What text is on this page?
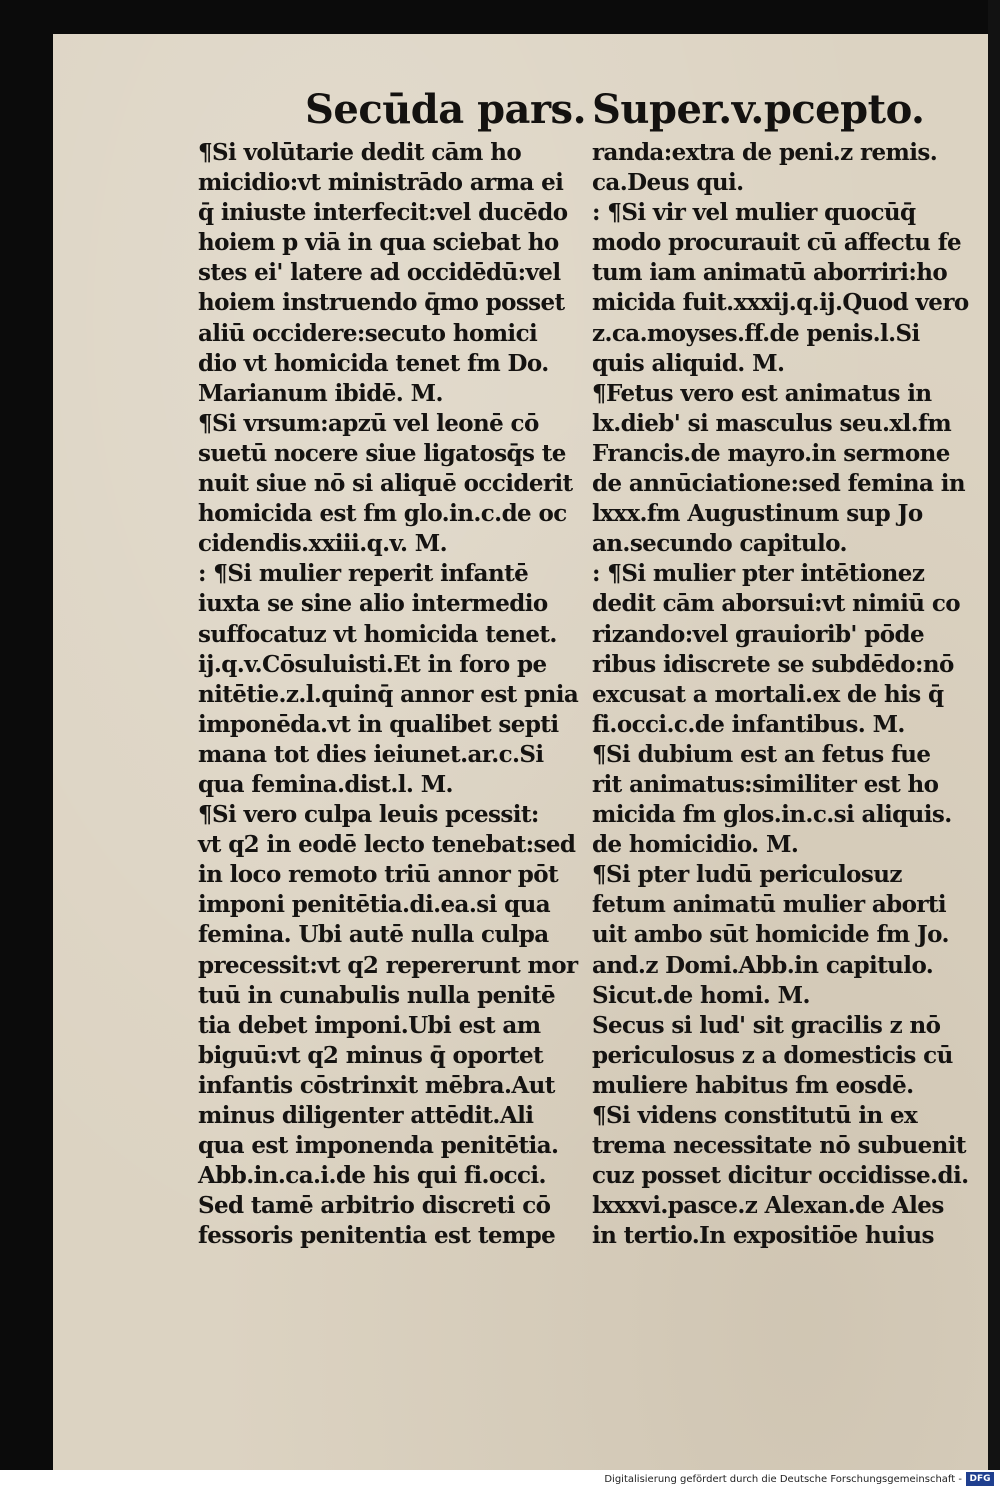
Secūda pars. Super.v.pcepto.
¶Si volūtarie dedit cām ho
micidio:vt ministrādo arma ei
q̄ iniuste interfecit:vel ducēdo
hoiem p viā in qua sciebat ho
stes ei' latere ad occidēdū:vel
hoiem instruendo q̄mo posset
aliū occidere:secuto homici
dio vt homicida tenet fm Do.
Marianum ibidē. M.
¶Si vrsum:apzū vel leonē cō
suetū nocere siue ligatosq̄s te
nuit siue nō si aliquē occiderit
homicida est fm glo.in.c.de oc
cidendis.xxiii.q.v. M.
: ¶Si mulier reperit infantē
iuxta se sine alio intermedio
suffocatuz vt homicida tenet.
ij.q.v.Cōsuluisti.Et in foro pe
nitētie.z.l.quinq̄ annor est pnia
imponēda.vt in qualibet septi
mana tot dies ieiunet.ar.c.Si
qua femina.dist.l. M.
¶Si vero culpa leuis pcessit:
vt q2 in eodē lecto tenebat:sed
in loco remoto triū annor pōt
imponi penitētia.di.ea.si qua
femina. Ubi autē nulla culpa
precessit:vt q2 repererunt mor
tuū in cunabulis nulla penitē
tia debet imponi.Ubi est am
biguū:vt q2 minus q̄ oportet
infantis cōstrinxit mēbra.Aut
minus diligenter attēdit.Ali
qua est imponenda penitētia.
Abb.in.ca.i.de his qui fi.occi.
Sed tamē arbitrio discreti cō
fessoris penitentia est tempe
randa:extra de peni.z remis.
ca.Deus qui.
: ¶Si vir vel mulier quocūq̄
modo procurauit cū affectu fe
tum iam animatū aborriri:ho
micida fuit.xxxij.q.ij.Quod vero
z.ca.moyses.ff.de penis.l.Si
quis aliquid. M.
¶Fetus vero est animatus in
lx.dieb' si masculus seu.xl.fm
Francis.de mayro.in sermone
de annūciatione:sed femina in
lxxx.fm Augustinum sup Jo
an.secundo capitulo.
: ¶Si mulier pter intētionez
dedit cām aborsui:vt nimiū co
rizando:vel grauiorib' pōde
ribus idiscrete se subdēdo:nō
excusat a mortali.ex de his q̄
fi.occi.c.de infantibus. M.
¶Si dubium est an fetus fue
rit animatus:similiter est ho
micida fm glos.in.c.si aliquis.
de homicidio. M.
¶Si pter ludū periculosuz
fetum animatū mulier aborti
uit ambo sūt homicide fm Jo.
and.z Domi.Abb.in capitulo.
Sicut.de homi. M.
Secus si lud' sit gracilis z nō
periculosus z a domesticis cū
muliere habitus fm eosdē.
¶Si videns constitutū in ex
trema necessitate nō subuenit
cuz posset dicitur occidisse.di.
lxxxvi.pasce.z Alexan.de Ales
in tertio.In expositiōe huius
Digitalisierung gefördert durch die Deutsche Forschungsgemeinschaft - DFG
